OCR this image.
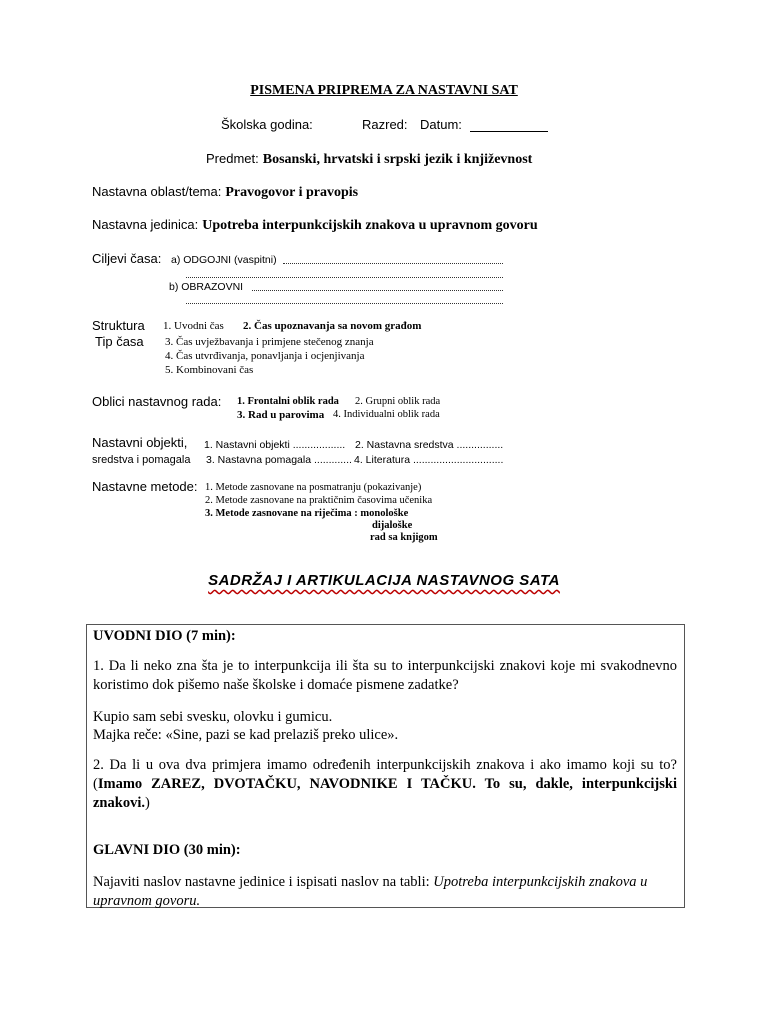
PISMENA PRIPREMA ZA NASTAVNI SAT
Školska godina:	Razred: Datum:
Predmet: Bosanski, hrvatski i srpski jezik i književnost
Nastavna oblast/tema: Pravogovor i pravopis
Nastavna jedinica: Upotreba interpunkcijskih znakova u upravnom govoru
Ciljevi časa: a) ODGOJNI (vaspitni)
b) OBRAZOVNI
Struktura
Tip časa
1. Uvodni čas 2. Čas upoznavanja sa novom građom
3. Čas uvježbavanja i primjene stečenog znanja
4. Čas utvrđivanja, ponavljanja i ocjenjivanja
5. Kombinovani čas
Oblici nastavnog rada: 1. Frontalni oblik rada 2. Grupni oblik rada
3. Rad u parovima 4. Individualni oblik rada
Nastavni objekti,
sredstva i pomagala
1. Nastavni objekti .................. 2. Nastavna sredstva ................
3. Nastavna pomagala ............. 4. Literatura ...............................
Nastavne metode: 1. Metode zasnovane na posmatranju (pokazivanje)
2. Metode zasnovane na praktičnim časovima učenika
3. Metode zasnovane na riječima : monološke
dijaloške
rad sa knjigom
SADRŽAJ I ARTIKULACIJA NASTAVNOG SATA

UVODNI DIO (7 min):

1. Da li neko zna šta je to interpunkcija ili šta su to interpunkcijski znakovi koje mi svakodnevno koristimo dok pišemo naše školske i domaće pismene zadatke?

Kupio sam sebi svesku, olovku i gumicu.

Majka reče: «Sine, pazi se kad prelaziš preko ulice».

2. Da li u ova dva primjera imamo određenih interpunkcijskih znakova i ako imamo koji su to? (Imamo ZAREZ, DVOTAČKU, NAVODNIKE I TAČKU. To su, dakle, interpunkcijski znakovi.)

GLAVNI DIO (30 min):

Najaviti naslov nastavne jedinice i ispisati naslov na tabli: Upotreba interpunkcijskih znakova u upravnom govoru.
